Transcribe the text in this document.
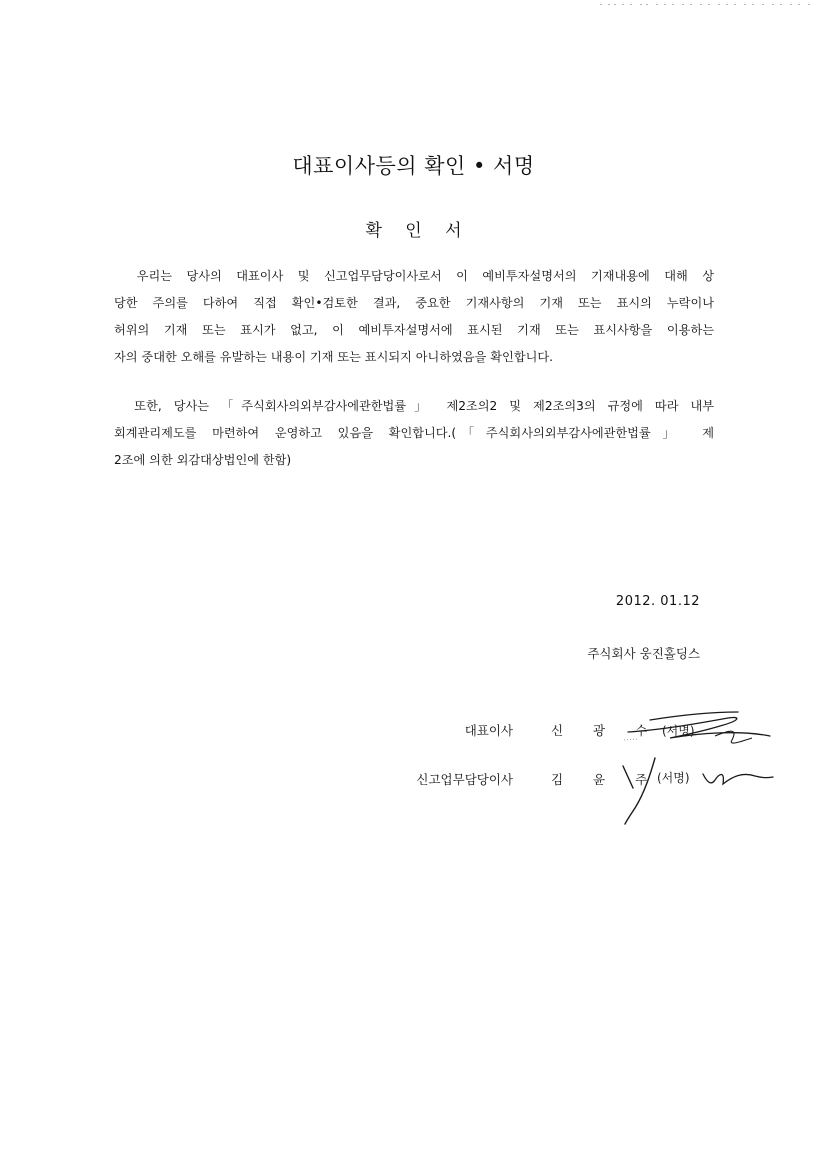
대표이사등의 확인 • 서명
확 인 서
　우리는 당사의 대표이사 및 신고업무담당이사로서 이 예비투자설명서의 기재내용에 대해 상
당한 주의를 다하여 직접 확인•검토한 결과, 중요한 기재사항의 기재 또는 표시의 누락이나
허위의 기재 또는 표시가 없고, 이 예비투자설명서에 표시된 기재 또는 표시사항을 이용하는
자의 중대한 오해를 유발하는 내용이 기재 또는 표시되지 아니하였음을 확인합니다.
　또한, 당사는 「주식회사의외부감사에관한법률」 제2조의2 및 제2조의3의 규정에 따라 내부
회계관리제도를 마련하여 운영하고 있음을 확인합니다.(「주식회사의외부감사에관한법률」 제
2조에 의한 외감대상법인에 한함)
2012. 01.12
주식회사 웅진홀딩스
대표이사	신 광 수 (서명)
신고업무담당이사	김 윤 주
(서명)
